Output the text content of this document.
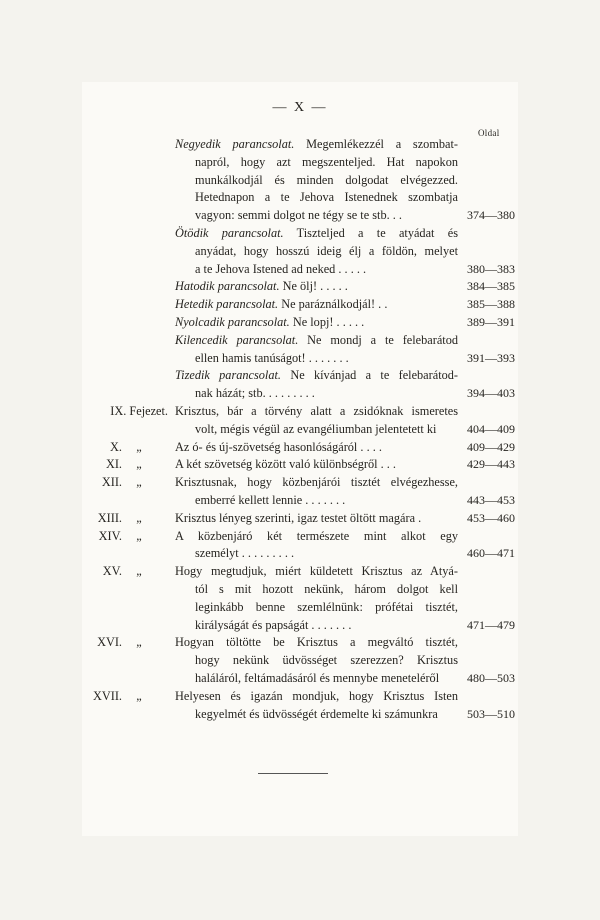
— X —
Oldal
Negyedik parancsolat. Megemlékezzél a szombat-
napról, hogy azt megszenteljed. Hat napokon
munkálkodjál és minden dolgodat elvégezzed.
Hetednapon a te Jehova Istenednek szombatja
vagyon: semmi dolgot ne tégy se te stb. . .	374—380
Ötödik parancsolat. Tiszteljed a te atyádat és
anyádat, hogy hosszú ideig élj a földön, melyet
a te Jehova Istened ad neked . . . . .	380—383
Hatodik parancsolat. Ne ölj! . . . . .	384—385
Hetedik parancsolat. Ne paráználkodjál! . .	385—388
Nyolcadik parancsolat. Ne lopj! . . . . .	389—391
Kilencedik parancsolat. Ne mondj a te felebarátod
ellen hamis tanúságot! . . . . . . .	391—393
Tizedik parancsolat. Ne kívánjad a te felebarátod-
nak házát; stb. . . . . . . . .	394—403
IX. Fejezet. Krisztus, bár a törvény alatt a zsidóknak ismeretes
volt, mégis végül az evangéliumban jelentetett ki	404—409
X. „	Az ó- és új-szövetség hasonlóságáról . . . .	409—429
XI. „	A két szövetség között való különbségről . . .	429—443
XII. „	Krisztusnak, hogy közbenjárói tisztét elvégezhesse,
emberré kellett lennie . . . . . . .	443—453
XIII. „	Krisztus lényeg szerinti, igaz testet öltött magára .	453—460
XIV. „	A közbenjáró két természete mint alkot egy
személyt . . . . . . . . .	460—471
XV. „	Hogy megtudjuk, miért küldetett Krisztus az Atyá-
tól s mit hozott nekünk, három dolgot kell
leginkább benne szemlélnünk: prófétai tisztét,
királyságát és papságát . . . . . . .	471—479
XVI. „	Hogyan töltötte be Krisztus a megváltó tisztét,
hogy nekünk üdvösséget szerezzen? Krisztus
haláláról, feltámadásáról és mennybe meneteléről	480—503
XVII. „	Helyesen és igazán mondjuk, hogy Krisztus Isten
kegyelmét és üdvösségét érdemelte ki számunkra	503—510
